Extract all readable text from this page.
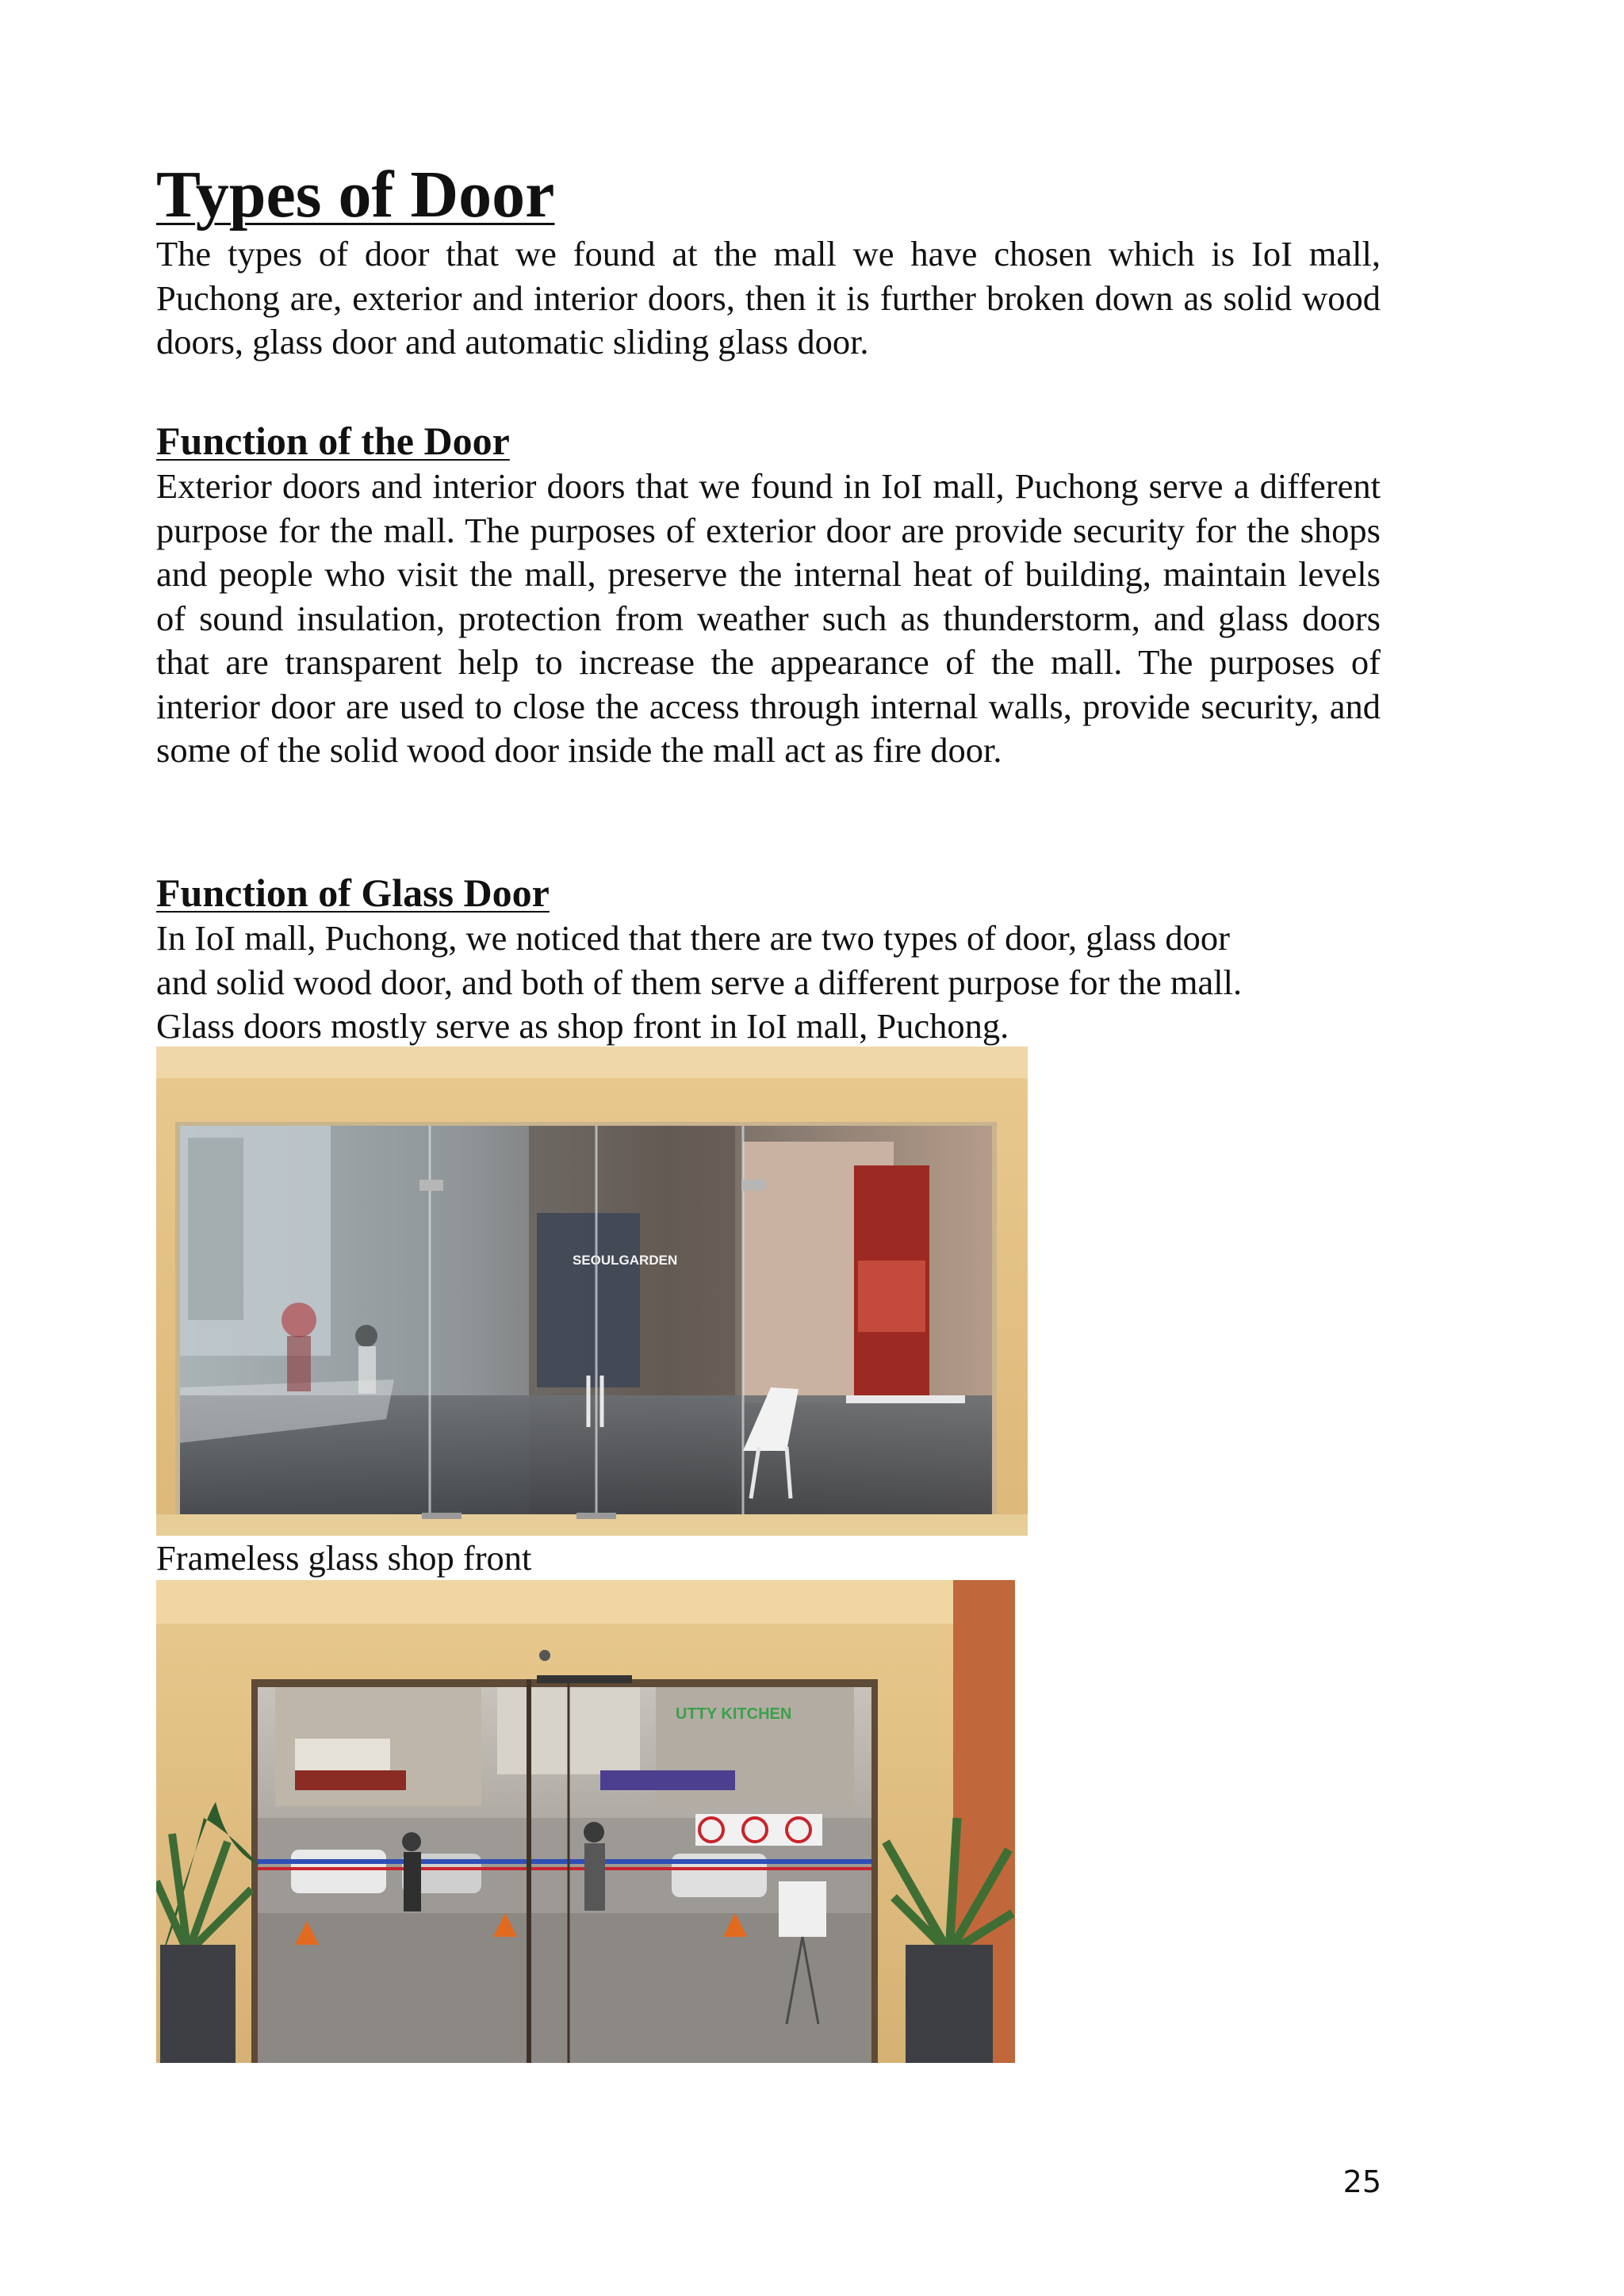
Types of Door

The types of door that we found at the mall we have chosen which is IoI mall, Puchong are, exterior and interior doors, then it is further broken down as solid wood doors, glass door and automatic sliding glass door.

Function of the Door

Exterior doors and interior doors that we found in IoI mall, Puchong serve a different purpose for the mall. The purposes of exterior door are provide security for the shops and people who visit the mall, preserve the internal heat of building, maintain levels of sound insulation, protection from weather such as thunderstorm, and glass doors that are transparent help to increase the appearance of the mall. The purposes of interior door are used to close the access through internal walls, provide security, and some of the solid wood door inside the mall act as fire door.

Function of Glass Door

In IoI mall, Puchong, we noticed that there are two types of door, glass door
and solid wood door, and both of them serve a different purpose for the mall.
Glass doors mostly serve as shop front in IoI mall, Puchong.

SEOULGARDEN

Frameless glass shop front

UTTY KITCHEN

25
